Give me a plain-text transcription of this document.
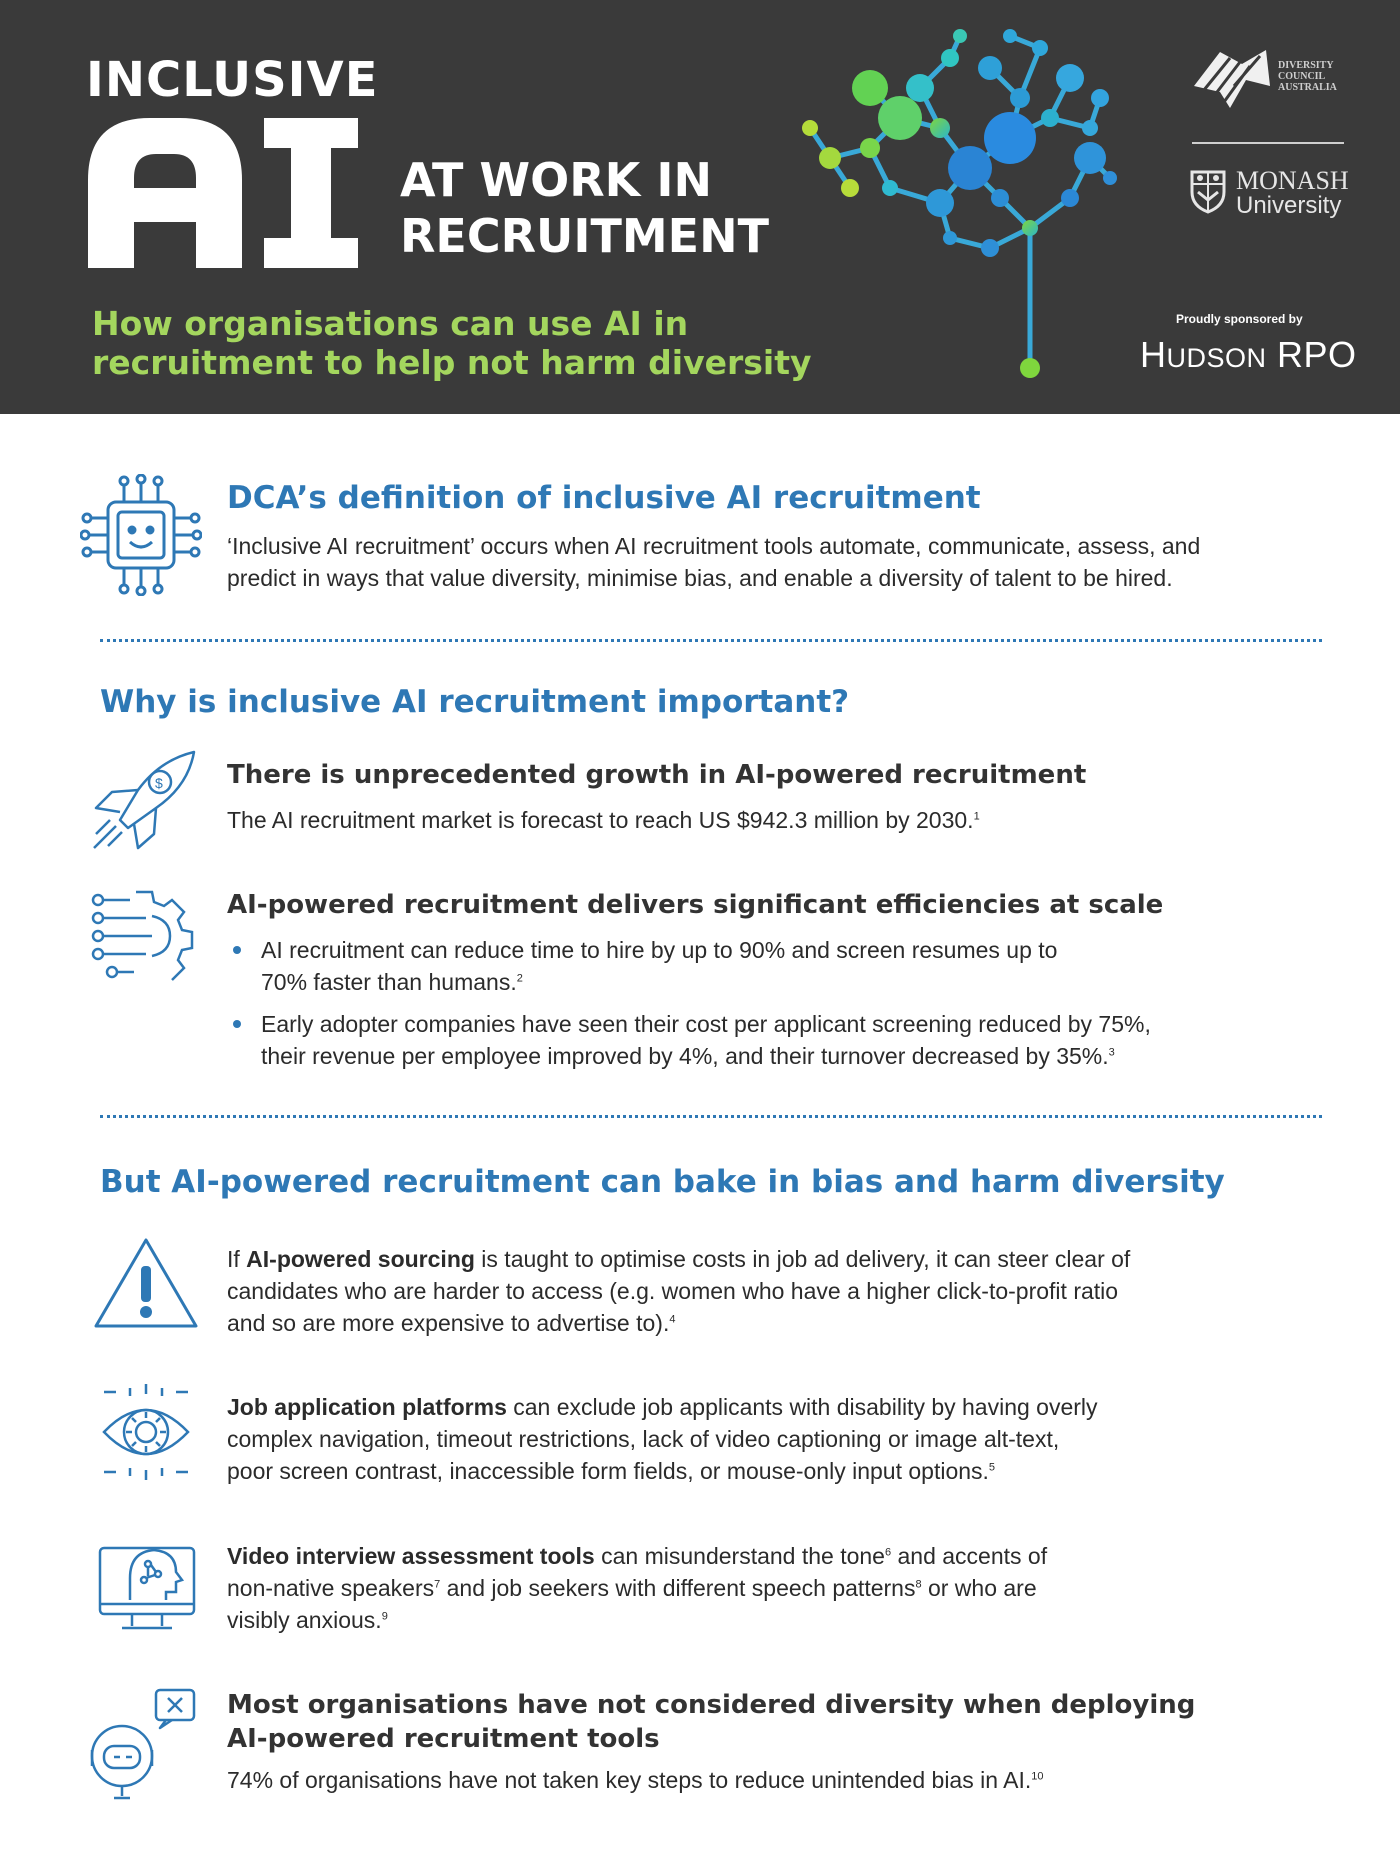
INCLUSIVE
AT WORK IN
RECRUITMENT
How organisations can use AI in
recruitment to help not harm diversity
DIVERSITY
COUNCIL
AUSTRALIA
MONASH
University
Proudly sponsored by
HUDSON RPO
DCA’s definition of inclusive AI recruitment
‘Inclusive AI recruitment’ occurs when AI recruitment tools automate, communicate, assess, and
predict in ways that value diversity, minimise bias, and enable a diversity of talent to be hired.
Why is inclusive AI recruitment important?
$ There is unprecedented growth in AI-powered recruitment
The AI recruitment market is forecast to reach US $942.3 million by 2030.$^1$
AI-powered recruitment delivers significant efficiencies at scale
AI recruitment can reduce time to hire by up to 90% and screen resumes up to
70% faster than humans.$^2$
Early adopter companies have seen their cost per applicant screening reduced by 75%,
their revenue per employee improved by 4%, and their turnover decreased by 35%.$^3$
But AI-powered recruitment can bake in bias and harm diversity
If AI-powered sourcing is taught to optimise costs in job ad delivery, it can steer clear of
candidates who are harder to access (e.g. women who have a higher click-to-profit ratio
and so are more expensive to advertise to).$^4$
Job application platforms can exclude job applicants with disability by having overly
complex navigation, timeout restrictions, lack of video captioning or image alt-text,
poor screen contrast, inaccessible form fields, or mouse-only input options.$^5$
Video interview assessment tools can misunderstand the tone$^6$ and accents of
non-native speakers$^7$ and job seekers with different speech patterns$^8$ or who are
visibly anxious.$^9$
Most organisations have not considered diversity when deploying
AI-powered recruitment tools
74% of organisations have not taken key steps to reduce unintended bias in AI.$^{10}$
